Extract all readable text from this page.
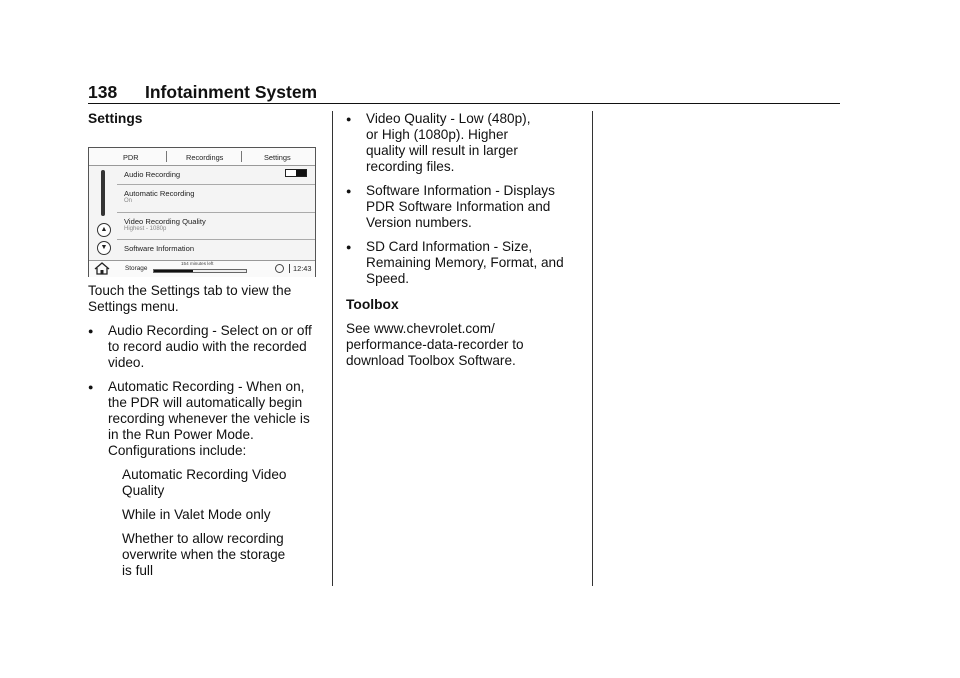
138 Infotainment System
Settings
PDR	Recordings	Settings
▲
▼
Audio Recording
Automatic Recording
On
Video Recording Quality
Highest - 1080p
Software Information
Storage
154 minutes left
12:43

Touch the Settings tab to view the Settings menu.

● Audio Recording - Select on or off to record audio with the recorded video.
● Automatic Recording - When on, the PDR will automatically begin recording whenever the vehicle is in the Run Power Mode. Configurations include:
Automatic Recording Video Quality
While in Valet Mode only
Whether to allow recording overwrite when the storage is full
● Video Quality - Low (480p), or High (1080p). Higher quality will result in larger recording files.
● Software Information - Displays PDR Software Information and Version numbers.
● SD Card Information - Size, Remaining Memory, Format, and Speed.
Toolbox

See www.chevrolet.com/ performance-data-recorder to download Toolbox Software.
